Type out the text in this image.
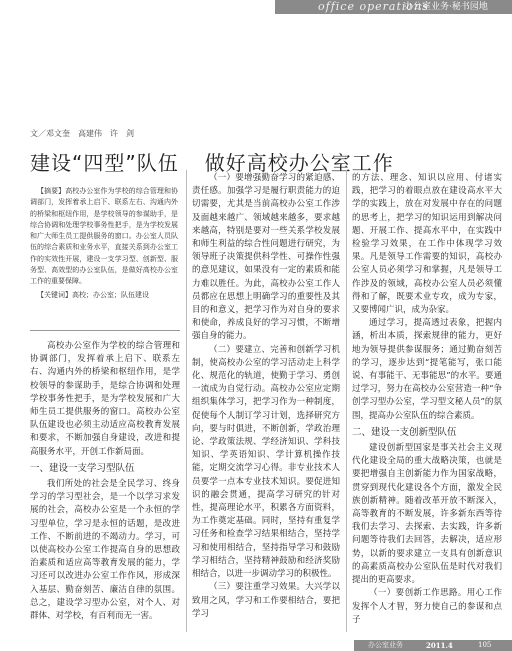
office operations
办公室业务·秘书园地
文／邓文奎　高建伟　许　剑
建设“四型”队伍 做好高校办公室工作

【摘要】高校办公室作为学校的综合管理和协调部门，发挥着承上启下、联系左右、沟通内外的桥梁和枢纽作用，是学校领导的参谋助手，是综合协调和处理学校事务性把手，是为学校发展和广大师生员工提供服务的窗口。办公室人员队伍的综合素质和业务水平，直接关系到办公室工作的实效性开展，建设一支学习型、创新型、服务型、高效型的办公室队伍，是做好高校办公室工作的重要保障。

【关键词】高校；办公室；队伍建设

高校办公室作为学校的综合管理和协调部门，发挥着承上启下、联系左右、沟通内外的桥梁和枢纽作用，是学校领导的参谋助手，是综合协调和处理学校事务性把手，是为学校发展和广大师生员工提供服务的窗口。高校办公室队伍建设也必须主动适应高校教育发展和要求，不断加强自身建设，改进和提高服务水平，开创工作新局面。

一、建设一支学习型队伍

我们所处的社会是全民学习、终身学习的学习型社会，是一个以学习求发展的社会，高校办公室是一个永恒的学习型单位，学习是永恒的话题，是改进工作、不断前进的不竭动力。学习，可以使高校办公室工作提高自身的思想政治素质和适应高等教育发展的能力，学习还可以改进办公室工作作风，形成深入基层、勤奋刻苦、廉洁自律的氛围。总之，建设学习型办公室，对个人、对群体、对学校，有百利而无一害。

（一）要增强勤奋学习的紧迫感、责任感。加强学习是履行职责能力的迫切需要，尤其是当前高校办公室工作涉及面越来越广、领域越来越多，要求越来越高，特别是要对一些关系学校发展和师生利益的综合性问题进行研究，为领导班子决策提供科学性、可操作性强的意见建议，如果没有一定的素质和能力难以胜任。为此，高校办公室工作人员都应在思想上明确学习的重要性及其目的和意义，把学习作为对自身的要求和使命，养成良好的学习习惯，不断增强自身的能力。

（二）要建立、完善和创新学习机制，使高校办公室的学习活动走上科学化、规范化的轨道，使勤于学习、勇创一流成为自觉行动。高校办公室应定期组织集体学习，把学习作为一种制度，促使每个人制订学习计划，选择研究方向，要与时俱进，不断创新，学政治理论、学政策法规、学经济知识、学科技知识、学英语知识、学计算机操作技能，定期交流学习心得。非专业技术人员要学一点本专业技术知识。要促进知识的融会贯通，提高学习研究的针对性，提高理论水平，积累各方面资料，为工作奠定基础。同时，坚持有重复学习任务和检查学习结果相结合，坚持学习和使用相结合，坚持指导学习和鼓励学习相结合，坚持精神鼓励和经济奖励相结合，以进一步调动学习的积极性。

（三）要注重学习效果。大兴学以致用之风，学习和工作要相结合，要把学习

的方法、理念、知识以应用、付诸实践，把学习的着眼点放在建设高水平大学的实践上，放在对发展中存在的问题的思考上，把学习的知识运用到解决问题、开展工作、提高水平中，在实践中检验学习效果，在工作中体现学习效果。凡是领导工作需要的知识，高校办公室人员必须学习和掌握，凡是领导工作涉及的领域，高校办公室人员必须懂得和了解，既要术业专攻，成为专家，又要博闻广识，成为杂家。

通过学习，提高透过表象，把握内涵，析出本质，探索规律的能力，更好地为领导提供参谋服务；通过勤奋刻苦的学习，逐步达到“提笔能写，张口能说、有事能干、无事能思”的水平。要通过学习，努力在高校办公室营造一种“争创学习型办公室，学习型文秘人员”的氛围，提高办公室队伍的综合素质。

二、建设一支创新型队伍

建设创新型国家是事关社会主义现代化建设全局的重大战略决策，也就是要把增强自主创新能力作为国家战略，贯穿到现代化建设各个方面，激发全民族创新精神。随着改革开放不断深入，高等教育的不断发展，许多新东西等待我们去学习、去探索、去实践，许多新问题等待我们去回答，去解决，适应形势，以新的要求建立一支具有创新意识的高素质高校办公室队伍是时代对我们提出的更高要求。

（一）要创新工作思路。用心工作发挥个人才智，努力使自己的参谋和点子

办公室业务	2011.4	105
